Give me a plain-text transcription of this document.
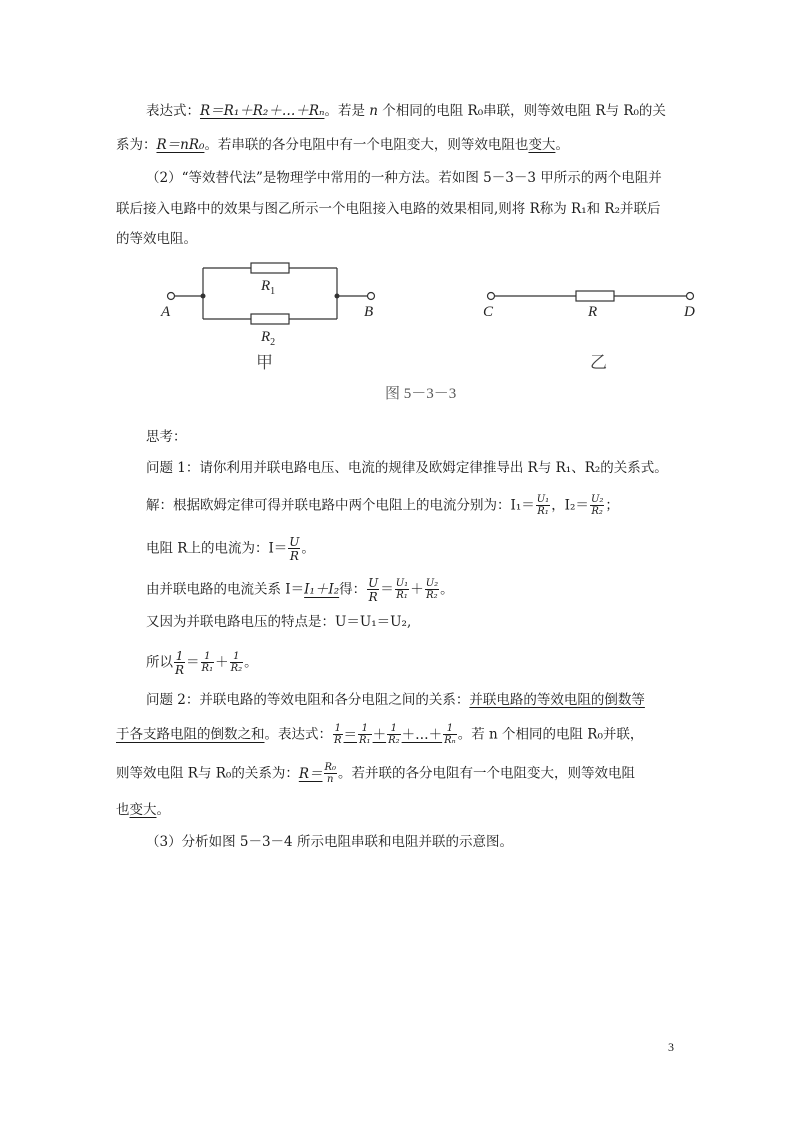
表达式：R＝R₁＋R₂＋…＋Rₙ。若是 n 个相同的电阻 R₀串联，则等效电阻 R与 R₀的关
系为：R＝nR₀。若串联的各分电阻中有一个电阻变大，则等效电阻也变大。
（2）“等效替代法”是物理学中常用的一种方法。若如图 5－3－3 甲所示的两个电阻并
联后接入电路中的效果与图乙所示一个电阻接入电路的效果相同,则将 R称为 R₁和 R₂并联后
的等效电阻。
$R_1$
$R_2$
A	B
甲
C	R	D
乙
图 5－3－3
思考：
问题 1：请你利用并联电路电压、电流的规律及欧姆定律推导出 R与 R₁、R₂的关系式。
解：根据欧姆定律可得并联电路中两个电阻上的电流分别为：$I_1= \frac{\text{U₁}}{\text{R₁}}$ ，$I_2= \frac{\text{U₂}}{\text{R₂}}$ ；
电阻 R上的电流为：$I= \frac{U}{R}$ 。
由并联电路的电流关系 I＝I₁＋I₂得： $\frac{U}{R} = \frac{\text{U₁}}{\text{R₁}} + \frac{\text{U₂}}{\text{R₂}}$ 。
又因为并联电路电压的特点是：U＝U₁＝U₂,
所以 $\frac{1}{R} = \frac{1}{\text{R₁}} + \frac{1}{\text{R₂}}$ 。
问题 2：并联电路的等效电阻和各分电阻之间的关系：并联电路的等效电阻的倒数等
于各支路电阻的倒数之和。表达式： $\frac{1}{R} = \frac{1}{\text{R₁}} + \frac{1}{\text{R₂}}$ ＋…＋ $\frac{1}{\text{Rₙ}}$ 。若 n 个相同的电阻 R₀并联，
则等效电阻 R与 R₀的关系为：$R= \frac{\text{R₀}}{n}$ 。若并联的各分电阻有一个电阻变大，则等效电阻
也变大。
（3）分析如图 5－3－4 所示电阻串联和电阻并联的示意图。
3
